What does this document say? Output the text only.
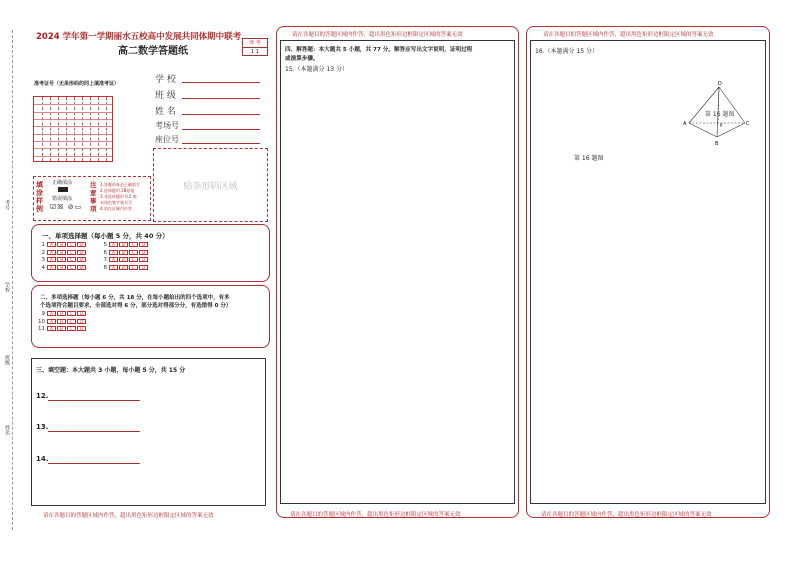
考号
学校
班级
姓名
2024 学年第一学期丽水五校高中发展共同体期中联考
高二数学答题纸
座 考
1 1
准考证号（无条形码的同上填准考证）	学 校
班 级
姓 名
考场号
座位号
贴条形码区域
填涂样例
正确填涂
错误填涂
☑☒ ⊘▭
注意事项
1.答题前务必正确填写
2.选择题用 2B铅笔
3.非选择题用 0.5 毫
米黑色签字笔书写
4.请在区域内作答
一、单项选择题（每小题 5 分，共 40 分）
1 A B C D
2 A B C D
3 A B C D
4 A B C D
5 A B C D
6 A B C D
7 A B C D
8 A B C D
二、多项选择题（每小题 6 分，共 18 分，在每小题给出的四个选项中，有多
个选项符合题目要求，全部选对得 6 分，部分选对得部分分，有选错得 0 分）
9 A B C D
10 A B C D
11 A B C D
三、填空题：本大题共 3 小题，每小题 5 分，共 15 分
12.
13.
14.
请在各题目的答题区域内作答，超出黑色矩形边框限定区域的答案无效
请在各题目的答题区域内作答，超出黑色矩形边框限定区域的答案无效
四、解答题：本大题共 5 小题，共 77 分。解答应写出文字说明，证明过程
或演算步骤。
15.（本题满分 13 分）
请在各题目的答题区域内作答，超出黑色矩形边框限定区域的答案无效
请在各题目的答题区域内作答，超出黑色矩形边框限定区域的答案无效
16.（本题满分 15 分）
D
A	C
B
P
第 16 题图
第 16 题图
请在各题目的答题区域内作答，超出黑色矩形边框限定区域的答案无效
